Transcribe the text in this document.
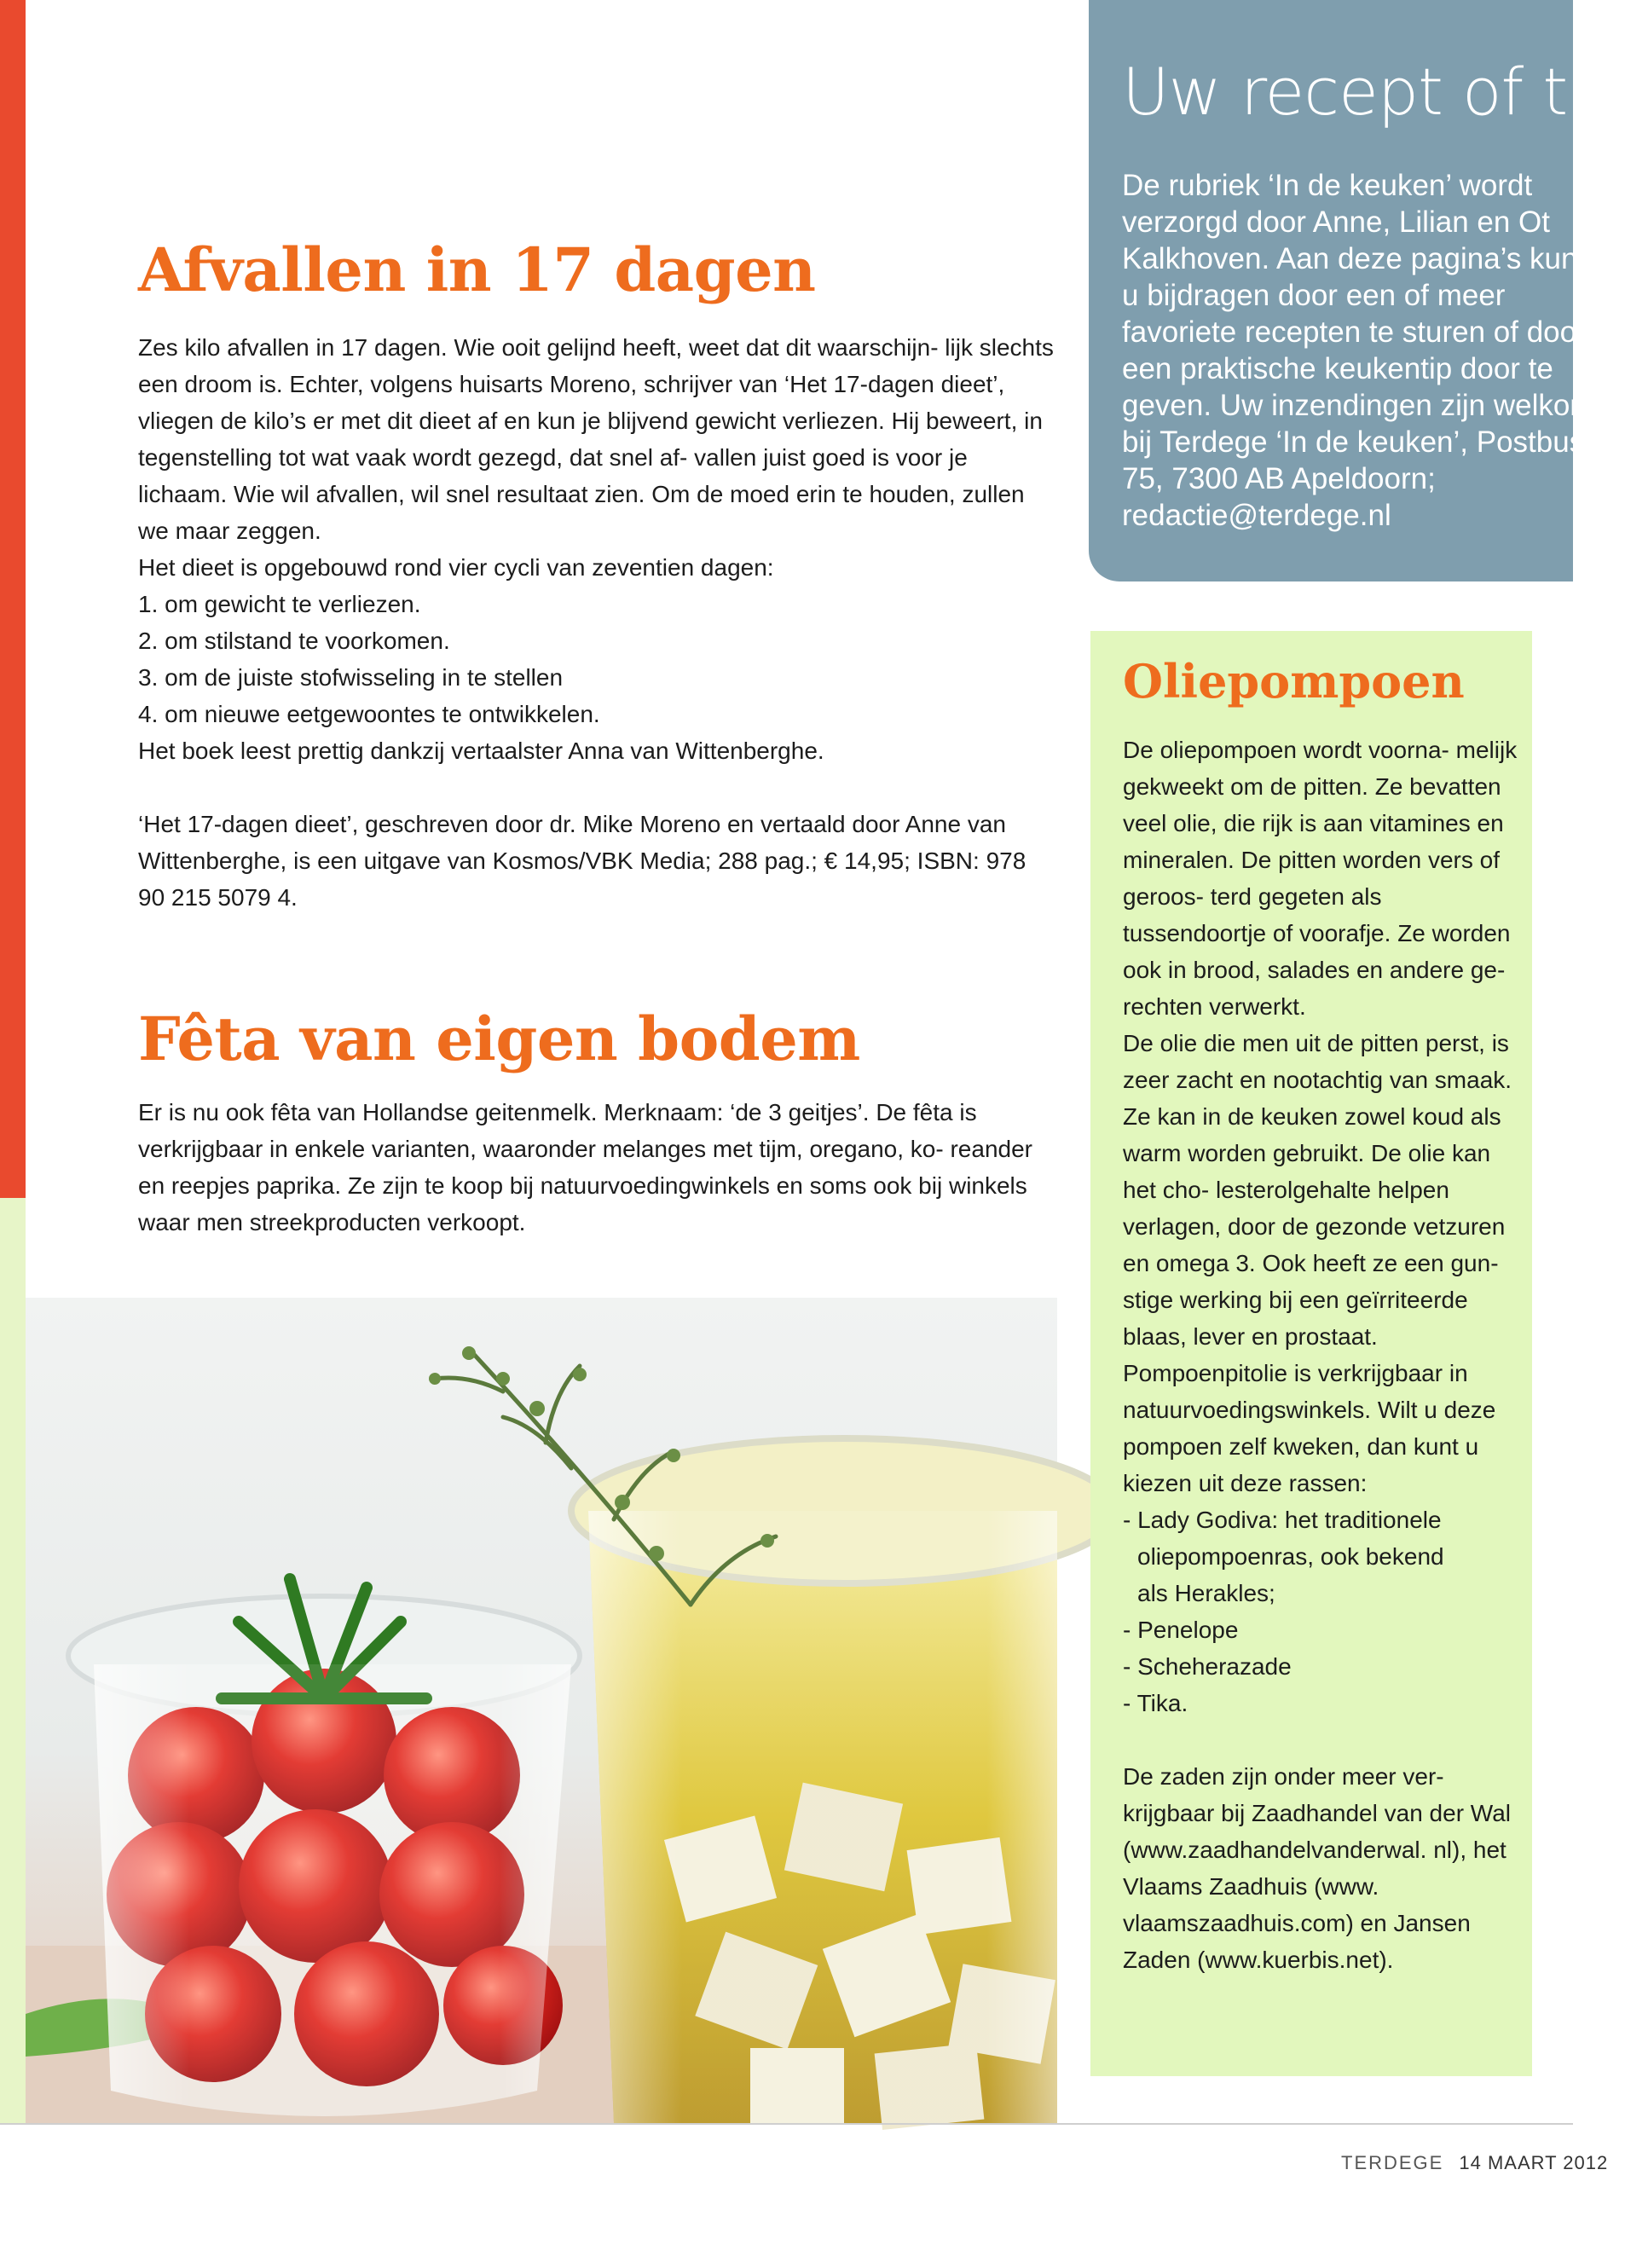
Afvallen in 17 dagen

Zes kilo afvallen in 17 dagen. Wie ooit gelijnd heeft, weet dat dit waarschijn- lijk slechts een droom is. Echter, volgens huisarts Moreno, schrijver van ‘Het 17-dagen dieet’, vliegen de kilo’s er met dit dieet af en kun je blijvend gewicht verliezen. Hij beweert, in tegenstelling tot wat vaak wordt gezegd, dat snel af- vallen juist goed is voor je lichaam. Wie wil afvallen, wil snel resultaat zien. Om de moed erin te houden, zullen we maar zeggen.

Het dieet is opgebouwd rond vier cycli van zeventien dagen:

1. om gewicht te verliezen.

2. om stilstand te voorkomen.

3. om de juiste stofwisseling in te stellen

4. om nieuwe eetgewoontes te ontwikkelen.

Het boek leest prettig dankzij vertaalster Anna van Wittenberghe.

‘Het 17-dagen dieet’, geschreven door dr. Mike Moreno en vertaald door Anne van Wittenberghe, is een uitgave van Kosmos/VBK Media; 288 pag.; € 14,95; ISBN: 978 90 215 5079 4.

Fêta van eigen bodem

Er is nu ook fêta van Hollandse geitenmelk. Merknaam: ‘de 3 geitjes’. De fêta is verkrijgbaar in enkele varianten, waaronder melanges met tijm, oregano, ko- reander en reepjes paprika. Ze zijn te koop bij natuurvoedingwinkels en soms ook bij winkels waar men streekproducten verkoopt.

Uw recept of tip

De rubriek ‘In de keuken’ wordt verzorgd door Anne, Lilian en Ot Kalkhoven. Aan deze pagina’s kunt u bijdragen door een of meer favoriete recepten te sturen of door een praktische keukentip door te geven. Uw inzendingen zijn welkom bij Terdege ‘In de keuken’, Postbus 75, 7300 AB Apeldoorn; redactie@terdege.nl

Oliepompoen

De oliepompoen wordt voorna- melijk gekweekt om de pitten. Ze bevatten veel olie, die rijk is aan vitamines en mineralen. De pitten worden vers of geroos- terd gegeten als tussendoortje of voorafje. Ze worden ook in brood, salades en andere ge- rechten verwerkt.

De olie die men uit de pitten perst, is zeer zacht en nootachtig van smaak. Ze kan in de keuken zowel koud als warm worden gebruikt. De olie kan het cho- lesterolgehalte helpen verlagen, door de gezonde vetzuren en omega 3. Ook heeft ze een gun- stige werking bij een geïrriteerde blaas, lever en prostaat.

Pompoenpitolie is verkrijgbaar in natuurvoedingswinkels. Wilt u deze pompoen zelf kweken, dan kunt u kiezen uit deze rassen:

- Lady Godiva: het traditionele

oliepompoenras, ook bekend

als Herakles;

- Penelope

- Scheherazade

- Tika.

De zaden zijn onder meer ver- krijgbaar bij Zaadhandel van der Wal (www.zaadhandelvanderwal. nl), het Vlaams Zaadhuis (www. vlaamszaadhuis.com) en Jansen Zaden (www.kuerbis.net).

TERDEGE 14 MAART 2012
